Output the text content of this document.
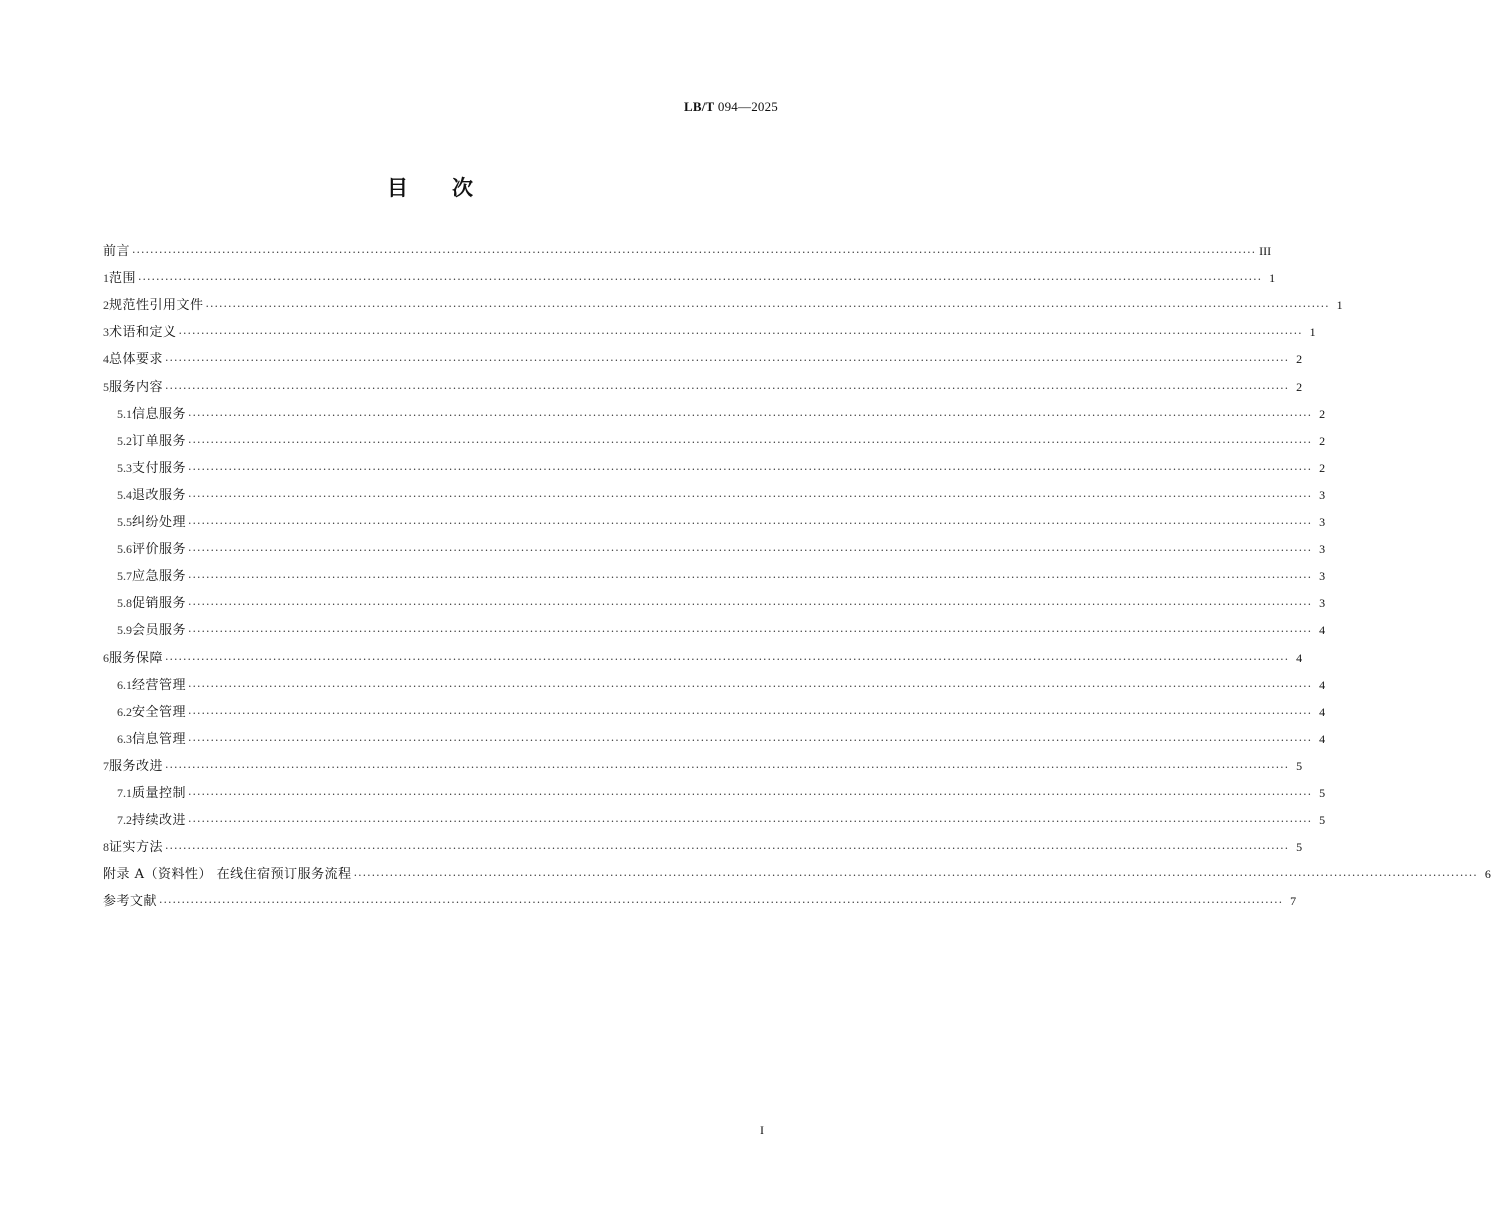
LB/T 094—2025
目 次
前言 ·····	III
1 范围 ·····	1
2 规范性引用文件 ·····	1
3 术语和定义 ·····	1
4 总体要求 ·····	2
5 服务内容 ·····	2
5.1 信息服务 ·····	2
5.2 订单服务 ·····	2
5.3 支付服务 ·····	2
5.4 退改服务 ·····	3
5.5 纠纷处理 ·····	3
5.6 评价服务 ·····	3
5.7 应急服务 ·····	3
5.8 促销服务 ·····	3
5.9 会员服务 ·····	4
6 服务保障 ·····	4
6.1 经营管理 ·····	4
6.2 安全管理 ·····	4
6.3 信息管理 ·····	4
7 服务改进 ·····	5
7.1 质量控制 ·····	5
7.2 持续改进 ·····	5
8 证实方法 ·····	5
附录 A（资料性） 在线住宿预订服务流程 ·····	6
参考文献 ·····	7
I
